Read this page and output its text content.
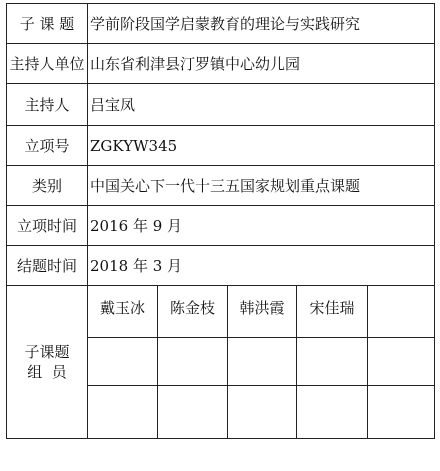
子 课 题	学前阶段国学启蒙教育的理论与实践研究				
主持人单位	山东省利津县汀罗镇中心幼儿园				
主持人	吕宝凤				
立项号	ZGKYW345				
类别	中国关心下一代十三五国家规划重点课题				
立项时间	2016 年 9 月				
结题时间	2018 年 3 月				

子课题
组  员	戴玉冰	陈金枝	韩洪霞	宋佳瑞	
